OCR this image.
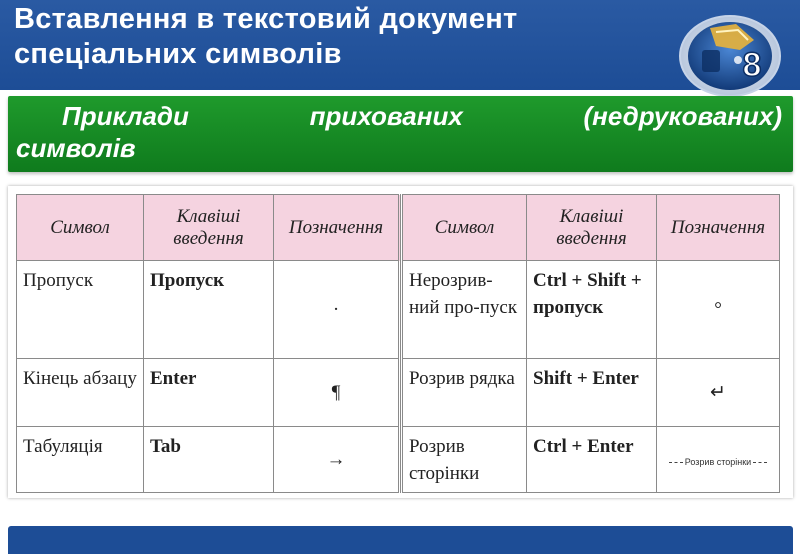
Вставлення в текстовий документ
спеціальних символів	8
Приклади	прихованих	(недрукованих)
символів
Символ	Клавіші введення	Позначення		Символ	Клавіші введення	Позначення
Пропуск	Пропуск	·		Нерозрив-ний про-пуск	Ctrl + Shift + пропуск	°
Кінець абзацу	Enter	¶		Розрив рядка	Shift + Enter	↵
Табуляція	Tab	→		Розрив сторінки	Ctrl + Enter	Розрив сторінки
